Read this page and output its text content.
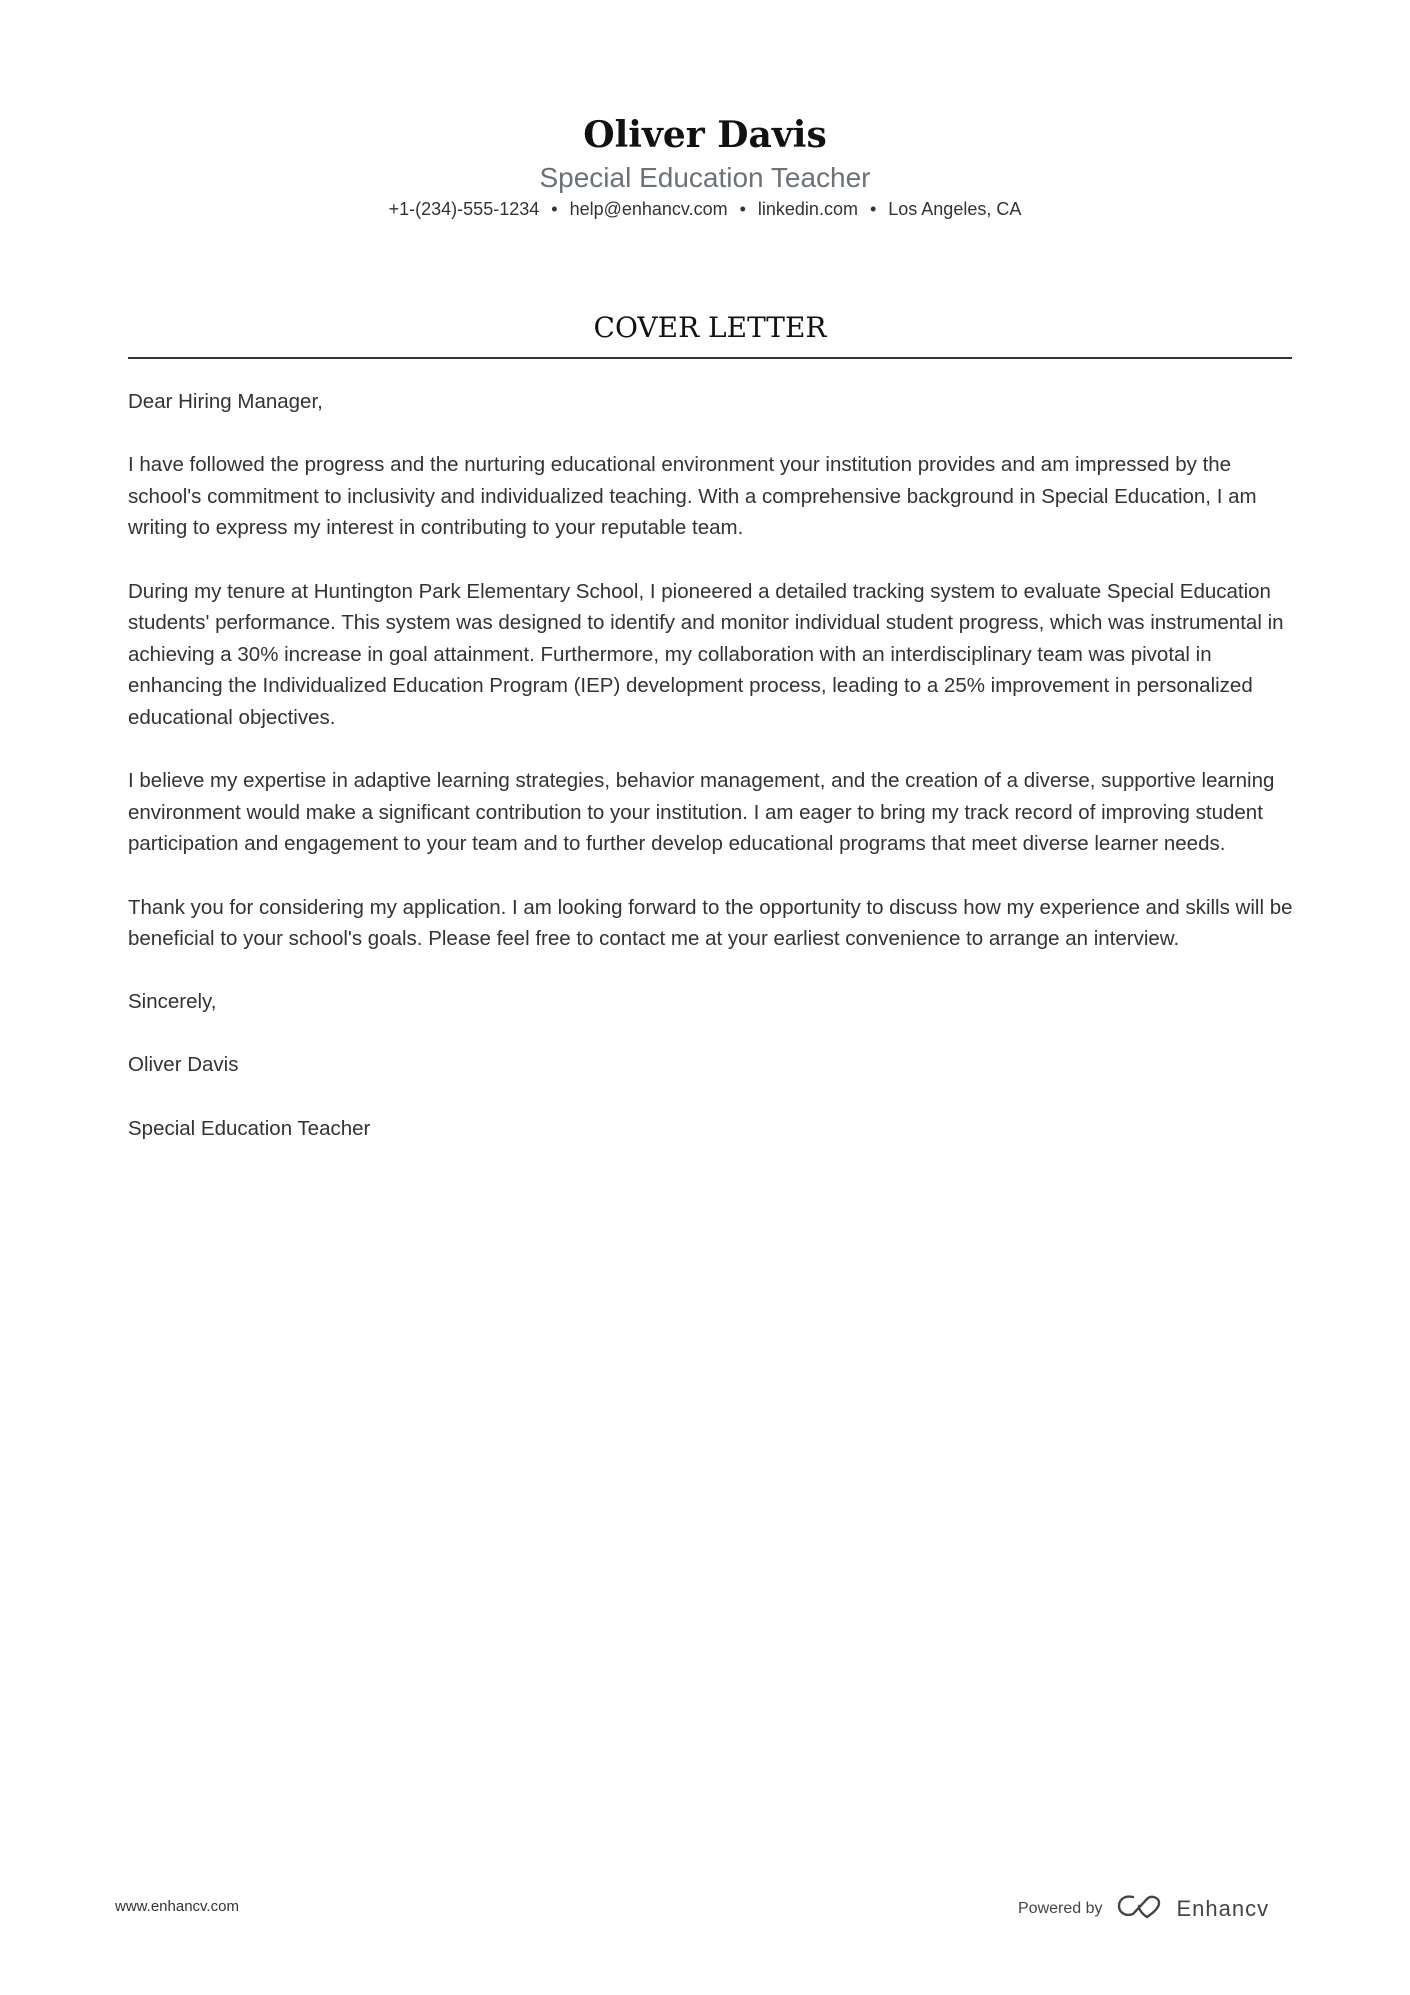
Oliver Davis
Special Education Teacher
+1-(234)-555-1234 • help@enhancv.com • linkedin.com • Los Angeles, CA
COVER LETTER

Dear Hiring Manager,

I have followed the progress and the nurturing educational environment your institution provides and am impressed by the school's commitment to inclusivity and individualized teaching. With a comprehensive background in Special Education, I am writing to express my interest in contributing to your reputable team.

During my tenure at Huntington Park Elementary School, I pioneered a detailed tracking system to evaluate Special Education students' performance. This system was designed to identify and monitor individual student progress, which was instrumental in achieving a 30% increase in goal attainment. Furthermore, my collaboration with an interdisciplinary team was pivotal in enhancing the Individualized Education Program (IEP) development process, leading to a 25% improvement in personalized educational objectives.

I believe my expertise in adaptive learning strategies, behavior management, and the creation of a diverse, supportive learning environment would make a significant contribution to your institution. I am eager to bring my track record of improving student participation and engagement to your team and to further develop educational programs that meet diverse learner needs.

Thank you for considering my application. I am looking forward to the opportunity to discuss how my experience and skills will be beneficial to your school's goals. Please feel free to contact me at your earliest convenience to arrange an interview.

Sincerely,

Oliver Davis

Special Education Teacher

www.enhancv.com	Powered by	Enhancv
